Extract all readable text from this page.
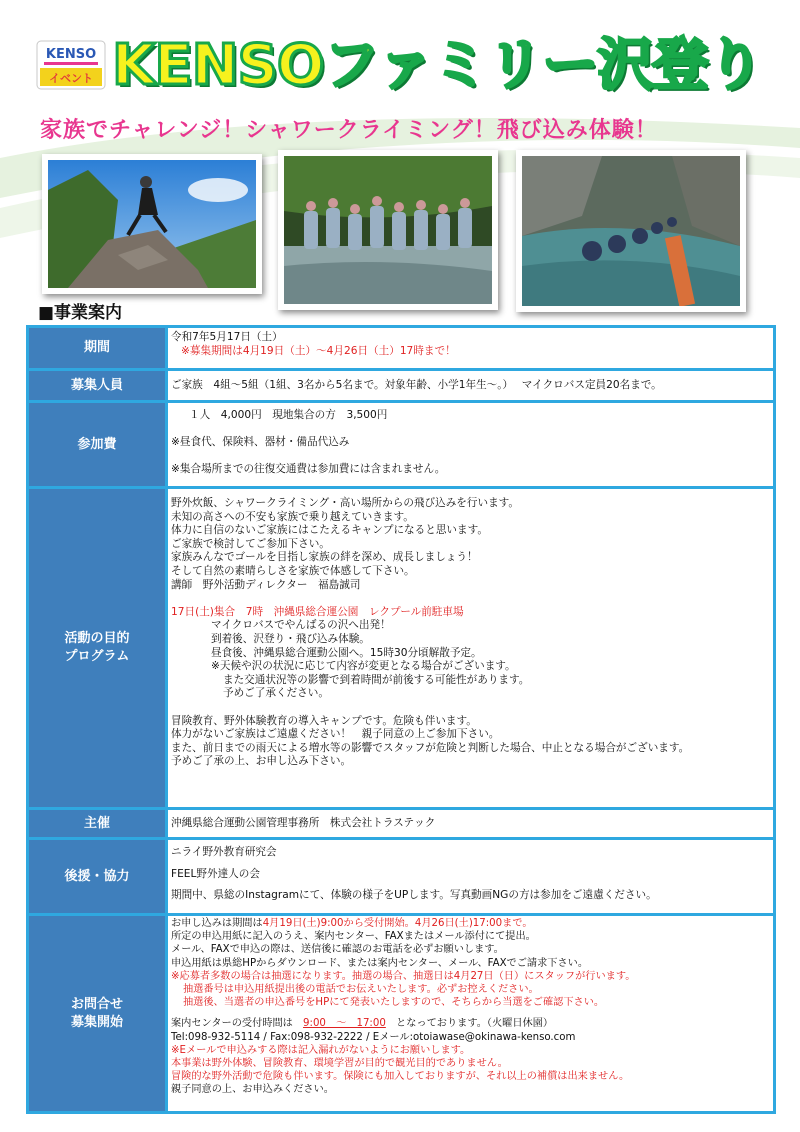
KENSO
イベント KENSOファミリー沢登り
家族でチャレンジ！シャワークライミング！飛び込み体験！
■事業案内
期間
令和7年5月17日（土）
※募集期間は4月19日（土）～4月26日（土）17時まで！
募集人員	ご家族　4組～5組（1組、3名から5名まで。対象年齢、小学1年生～。）　 マイクロバス定員20名まで。
参加費
１人　4,000円　現地集合の方　3,500円
※昼食代、保険料、器材・備品代込み
※集合場所までの往復交通費は参加費には含まれません。
活動の目的
プログラム
野外炊飯、シャワークライミング・高い場所からの飛び込みを行います。
未知の高さへの不安も家族で乗り越えていきます。
体力に自信のないご家族にはこたえるキャンプになると思います。
ご家族で検討してご参加下さい。
家族みんなでゴールを目指し家族の絆を深め、成長しましょう！
そして自然の素晴らしさを家族で体感して下さい。
講師　野外活動ディレクター　福島誠司
17日(土)集合　7時　沖縄県総合運公園　レクプール前駐車場
マイクロバスでやんばるの沢へ出発！
到着後、沢登り・飛び込み体験。
昼食後、沖縄県総合運動公園へ。15時30分頃解散予定。
※天候や沢の状況に応じて内容が変更となる場合がございます。
また交通状況等の影響で到着時間が前後する可能性があります。
予めご了承ください。
冒険教育、野外体験教育の導入キャンプです。危険も伴います。
体力がないご家族はご遠慮ください！　親子同意の上ご参加下さい。
また、前日までの雨天による増水等の影響でスタッフが危険と判断した場合、中止となる場合がございます。
予めご了承の上、お申し込み下さい。
主催	沖縄県総合運動公園管理事務所　株式会社トラステック
後援・協力
ニライ野外教育研究会
FEEL野外達人の会
期間中、県総のInstagramにて、体験の様子をUPします。写真動画NGの方は参加をご遠慮ください。
お問合せ
募集開始
お申し込みは期間は4月19日(土)9:00から受付開始。4月26日(土)17:00まで。
所定の申込用紙に記入のうえ、案内センター、FAXまたはメール添付にて提出。
メール、FAXで申込の際は、送信後に確認のお電話を必ずお願いします。
申込用紙は県総HPからダウンロード、または案内センター、メール、FAXでご請求下さい。
※応募者多数の場合は抽選になります。抽選の場合、抽選日は4月27日（日）にスタッフが行います。
抽選番号は申込用紙提出後の電話でお伝えいたします。必ずお控えください。
抽選後、当選者の申込番号をHPにて発表いたしますので、そちらから当選をご確認下さい。
案内センターの受付時間は　9:00　～　17:00　となっております。（火曜日休園）
Tel:098-932-5114 / Fax:098-932-2222 / Eメール:otoiawase@okinawa-kenso.com
※Eメールで申込みする際は記入漏れがないようにお願いします。
本事業は野外体験、冒険教育、環境学習が目的で観光目的でありません。
冒険的な野外活動で危険も伴います。保険にも加入しておりますが、それ以上の補償は出来ません。
親子同意の上、お申込みください。
